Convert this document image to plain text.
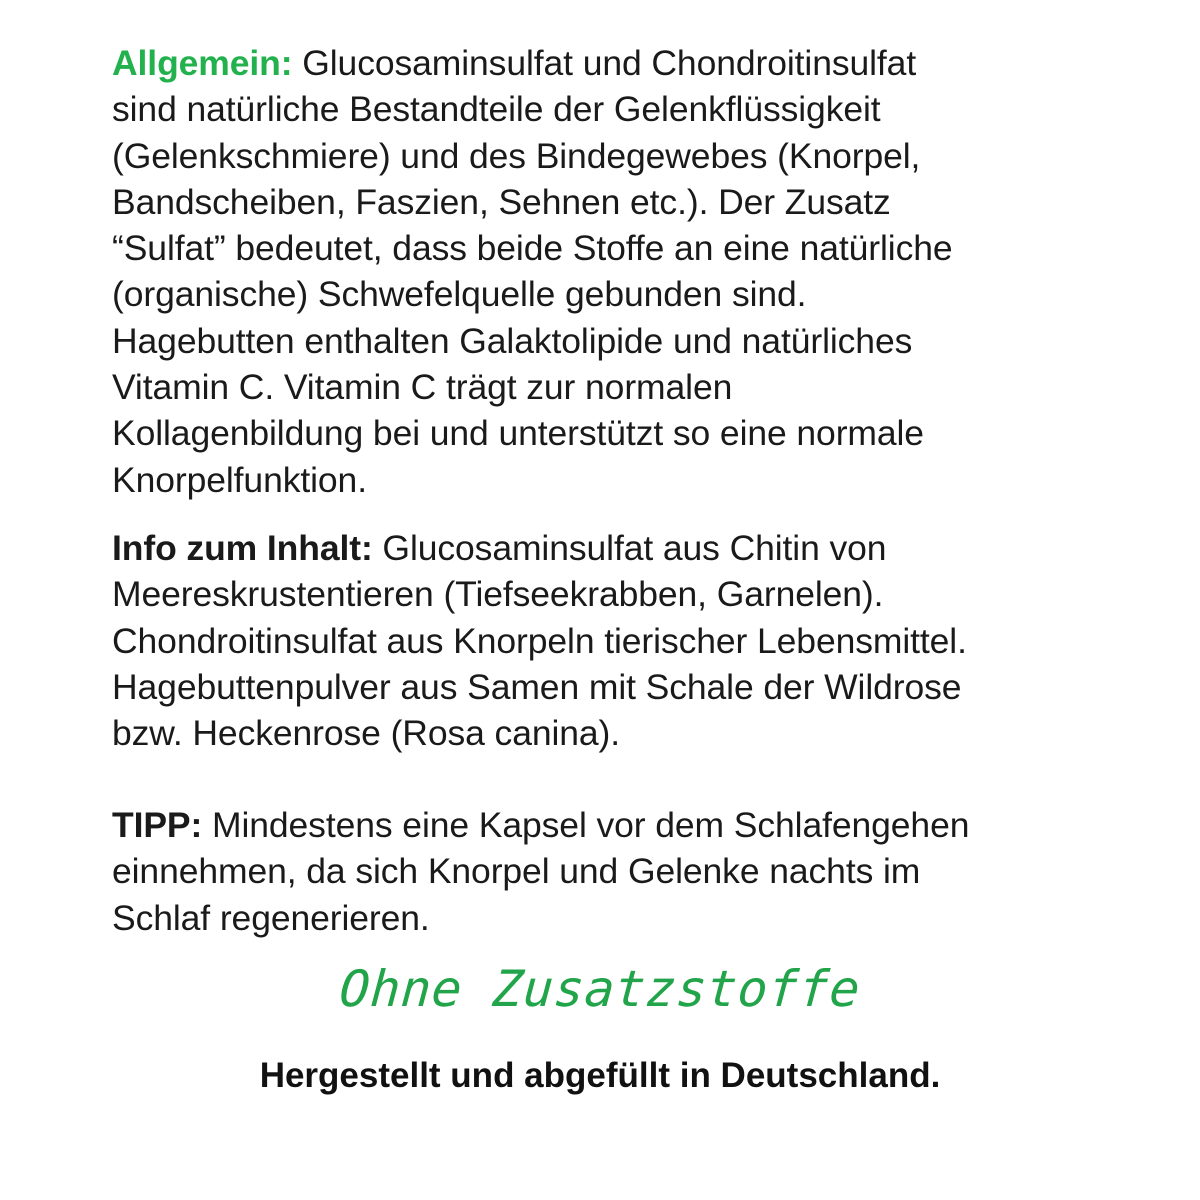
Allgemein: Glucosaminsulfat und Chondroitinsulfat
sind natürliche Bestandteile der Gelenkflüssigkeit
(Gelenkschmiere) und des Bindegewebes (Knorpel,
Bandscheiben, Faszien, Sehnen etc.). Der Zusatz
“Sulfat” bedeutet, dass beide Stoffe an eine natürliche
(organische) Schwefelquelle gebunden sind.
Hagebutten enthalten Galaktolipide und natürliches
Vitamin C. Vitamin C trägt zur normalen
Kollagenbildung bei und unterstützt so eine normale
Knorpelfunktion.

Info zum Inhalt: Glucosaminsulfat aus Chitin von
Meereskrustentieren (Tiefseekrabben, Garnelen).
Chondroitinsulfat aus Knorpeln tierischer Lebensmittel.
Hagebuttenpulver aus Samen mit Schale der Wildrose
bzw. Heckenrose (Rosa canina).

TIPP: Mindestens eine Kapsel vor dem Schlafengehen
einnehmen, da sich Knorpel und Gelenke nachts im
Schlaf regenerieren.

Ohne Zusatzstoffe

Hergestellt und abgefüllt in Deutschland.
